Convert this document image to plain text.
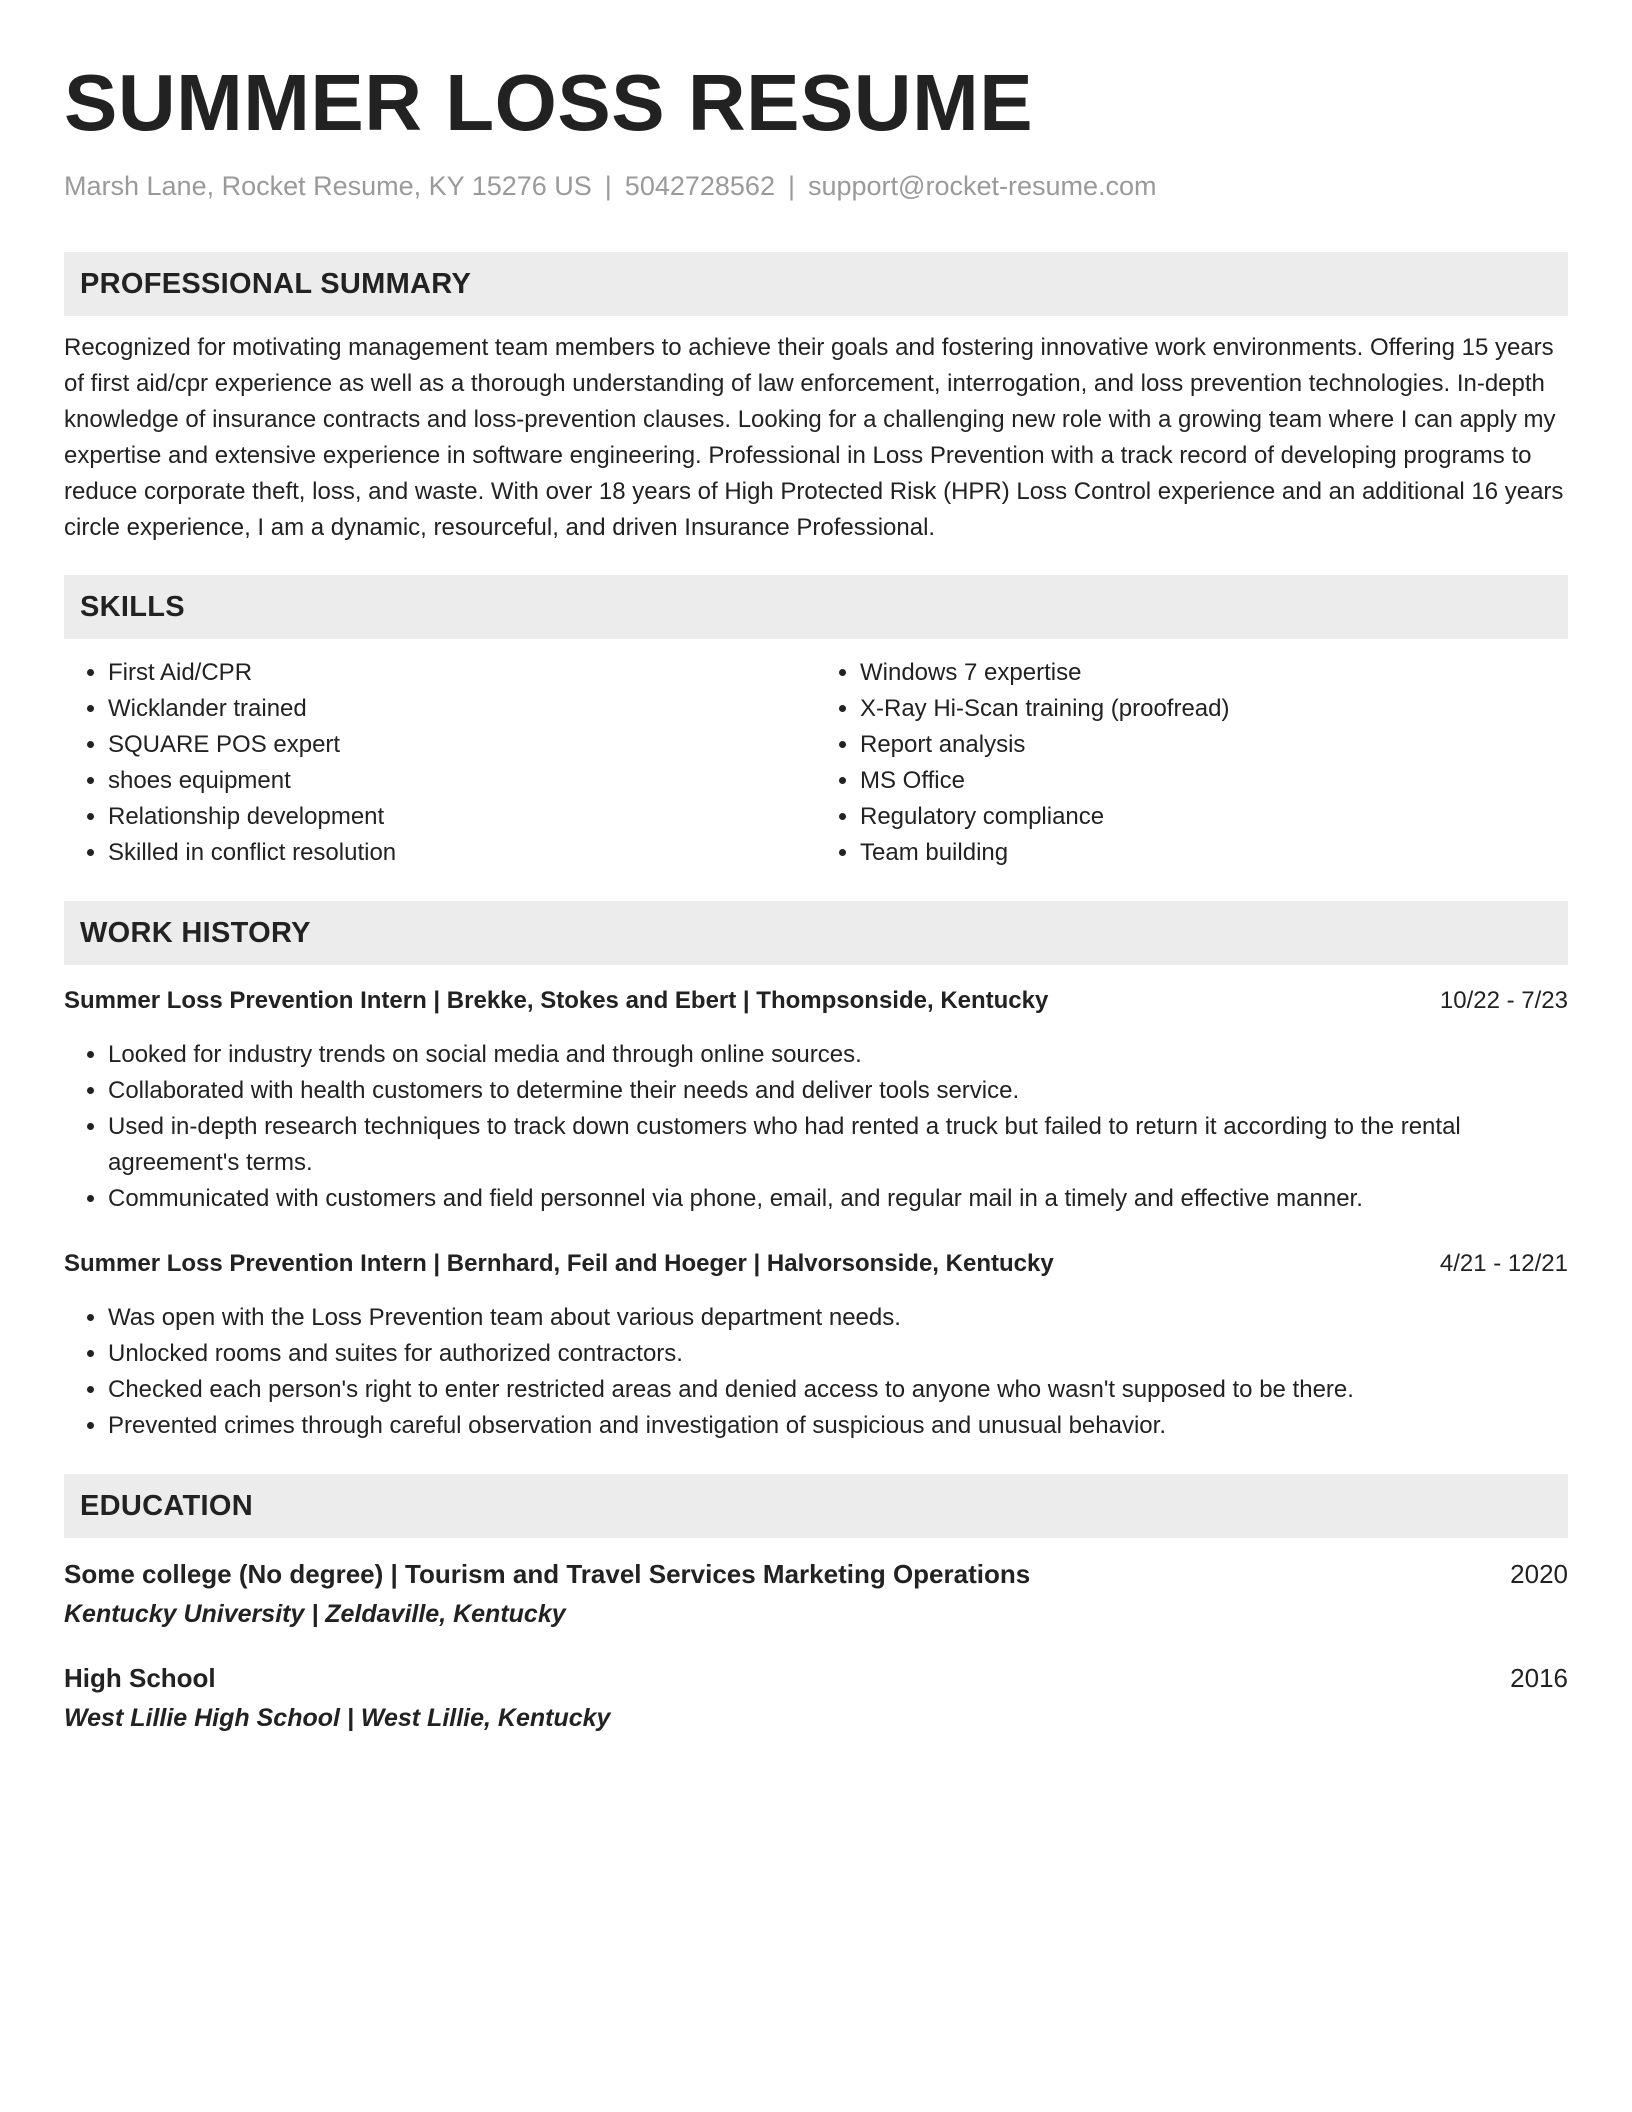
SUMMER LOSS RESUME
Marsh Lane, Rocket Resume, KY 15276 US | 5042728562 | support@rocket-resume.com
PROFESSIONAL SUMMARY
Recognized for motivating management team members to achieve their goals and fostering innovative work environments. Offering 15 years of first aid/cpr experience as well as a thorough understanding of law enforcement, interrogation, and loss prevention technologies. In-depth knowledge of insurance contracts and loss-prevention clauses. Looking for a challenging new role with a growing team where I can apply my expertise and extensive experience in software engineering. Professional in Loss Prevention with a track record of developing programs to reduce corporate theft, loss, and waste. With over 18 years of High Protected Risk (HPR) Loss Control experience and an additional 16 years circle experience, I am a dynamic, resourceful, and driven Insurance Professional.
SKILLS
• First Aid/CPR
• Wicklander trained
• SQUARE POS expert
• shoes equipment
• Relationship development
• Skilled in conflict resolution
• Windows 7 expertise
• X-Ray Hi-Scan training (proofread)
• Report analysis
• MS Office
• Regulatory compliance
• Team building
WORK HISTORY
Summer Loss Prevention Intern | Brekke, Stokes and Ebert | Thompsonside, Kentucky	10/22 - 7/23
• Looked for industry trends on social media and through online sources.
• Collaborated with health customers to determine their needs and deliver tools service.
• Used in-depth research techniques to track down customers who had rented a truck but failed to return it according to the rental agreement's terms.
• Communicated with customers and field personnel via phone, email, and regular mail in a timely and effective manner.
Summer Loss Prevention Intern | Bernhard, Feil and Hoeger | Halvorsonside, Kentucky	4/21 - 12/21
• Was open with the Loss Prevention team about various department needs.
• Unlocked rooms and suites for authorized contractors.
• Checked each person's right to enter restricted areas and denied access to anyone who wasn't supposed to be there.
• Prevented crimes through careful observation and investigation of suspicious and unusual behavior.
EDUCATION
Some college (No degree) | Tourism and Travel Services Marketing Operations	2020
Kentucky University | Zeldaville, Kentucky
High School	2016
West Lillie High School | West Lillie, Kentucky
